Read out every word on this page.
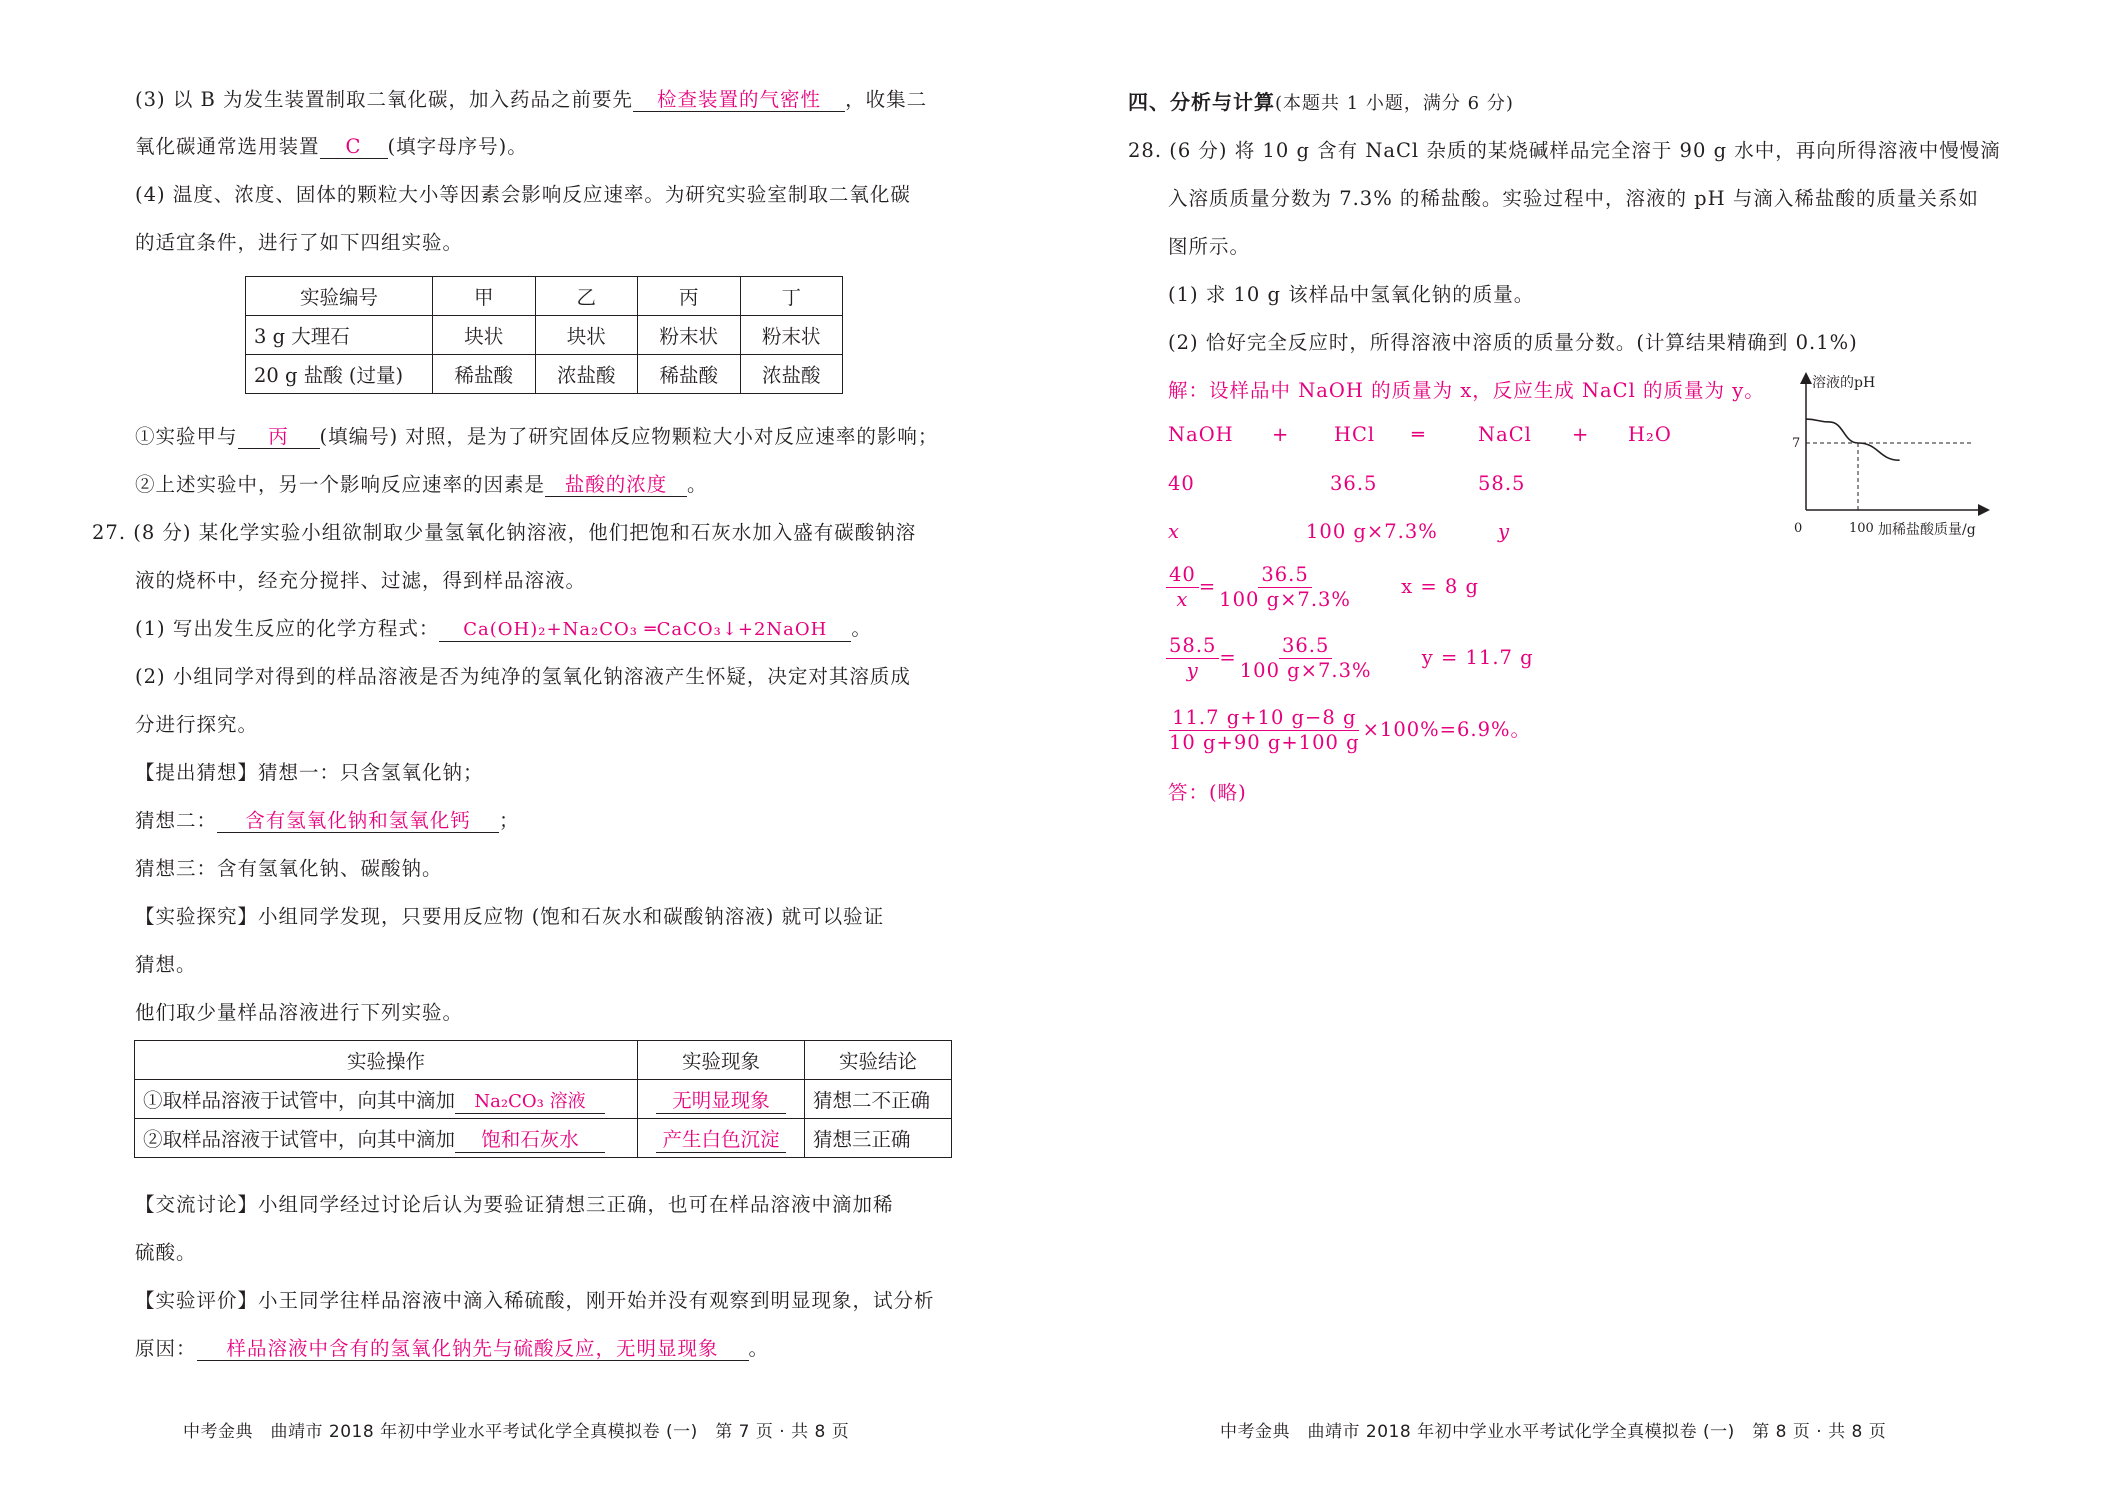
(3) 以 B 为发生装置制取二氧化碳，加入药品之前要先 检查装置的气密性 ，收集二
氧化碳通常选用装置 C (填字母序号)。
(4) 温度、浓度、固体的颗粒大小等因素会影响反应速率。为研究实验室制取二氧化碳
的适宜条件，进行了如下四组实验。
实验编号	甲	乙	丙	丁
3 g 大理石	块状	块状	粉末状	粉末状
20 g 盐酸 (过量)	稀盐酸	浓盐酸	稀盐酸	浓盐酸
①实验甲与 丙 (填编号) 对照，是为了研究固体反应物颗粒大小对反应速率的影响；
②上述实验中，另一个影响反应速率的因素是 盐酸的浓度 。
27. (8 分) 某化学实验小组欲制取少量氢氧化钠溶液，他们把饱和石灰水加入盛有碳酸钠溶
液的烧杯中，经充分搅拌、过滤，得到样品溶液。
(1) 写出发生反应的化学方程式： Ca(OH)₂+Na₂CO₃ ═CaCO₃↓+2NaOH 。
(2) 小组同学对得到的样品溶液是否为纯净的氢氧化钠溶液产生怀疑，决定对其溶质成
分进行探究。
【提出猜想】猜想一：只含氢氧化钠；
猜想二： 含有氢氧化钠和氢氧化钙 ；
猜想三：含有氢氧化钠、碳酸钠。
【实验探究】小组同学发现，只要用反应物 (饱和石灰水和碳酸钠溶液) 就可以验证
猜想。
他们取少量样品溶液进行下列实验。
实验操作	实验现象	实验结论
①取样品溶液于试管中，向其中滴加 Na₂CO₃ 溶液	无明显现象	猜想二不正确
②取样品溶液于试管中，向其中滴加 饱和石灰水	产生白色沉淀	猜想三正确
【交流讨论】小组同学经过讨论后认为要验证猜想三正确，也可在样品溶液中滴加稀
硫酸。
【实验评价】小王同学往样品溶液中滴入稀硫酸，刚开始并没有观察到明显现象，试分析
原因： 样品溶液中含有的氢氧化钠先与硫酸反应，无明显现象 。
中考金典　曲靖市 2018 年初中学业水平考试化学全真模拟卷 (一)　第 7 页 · 共 8 页
四、分析与计算(本题共 1 小题，满分 6 分)
28. (6 分) 将 10 g 含有 NaCl 杂质的某烧碱样品完全溶于 90 g 水中，再向所得溶液中慢慢滴
入溶质质量分数为 7.3% 的稀盐酸。实验过程中，溶液的 pH 与滴入稀盐酸的质量关系如
图所示。
(1) 求 10 g 该样品中氢氧化钠的质量。
(2) 恰好完全反应时，所得溶液中溶质的质量分数。(计算结果精确到 0.1%)
解：设样品中 NaOH 的质量为 x，反应生成 NaCl 的质量为 y。
NaOH + HCl ═	NaCl + H₂O
40	36.5	58.5
x	100 g×7.3%	y
$\frac{40}{x} = \frac{36.5}{100 g\times 7.3\%}$ x = 8 g
$\frac{58.5}{y} = \frac{36.5}{100 g\times 7.3\%}$ y = 11.7 g
$\frac{11.7 g+10 g-8 g}{10 g+90 g+100 g} \times 100\%=6.9\%$。
答：(略)
溶液的pH
0
7
100 加稀盐酸质量/g
中考金典　曲靖市 2018 年初中学业水平考试化学全真模拟卷 (一)　第 8 页 · 共 8 页
